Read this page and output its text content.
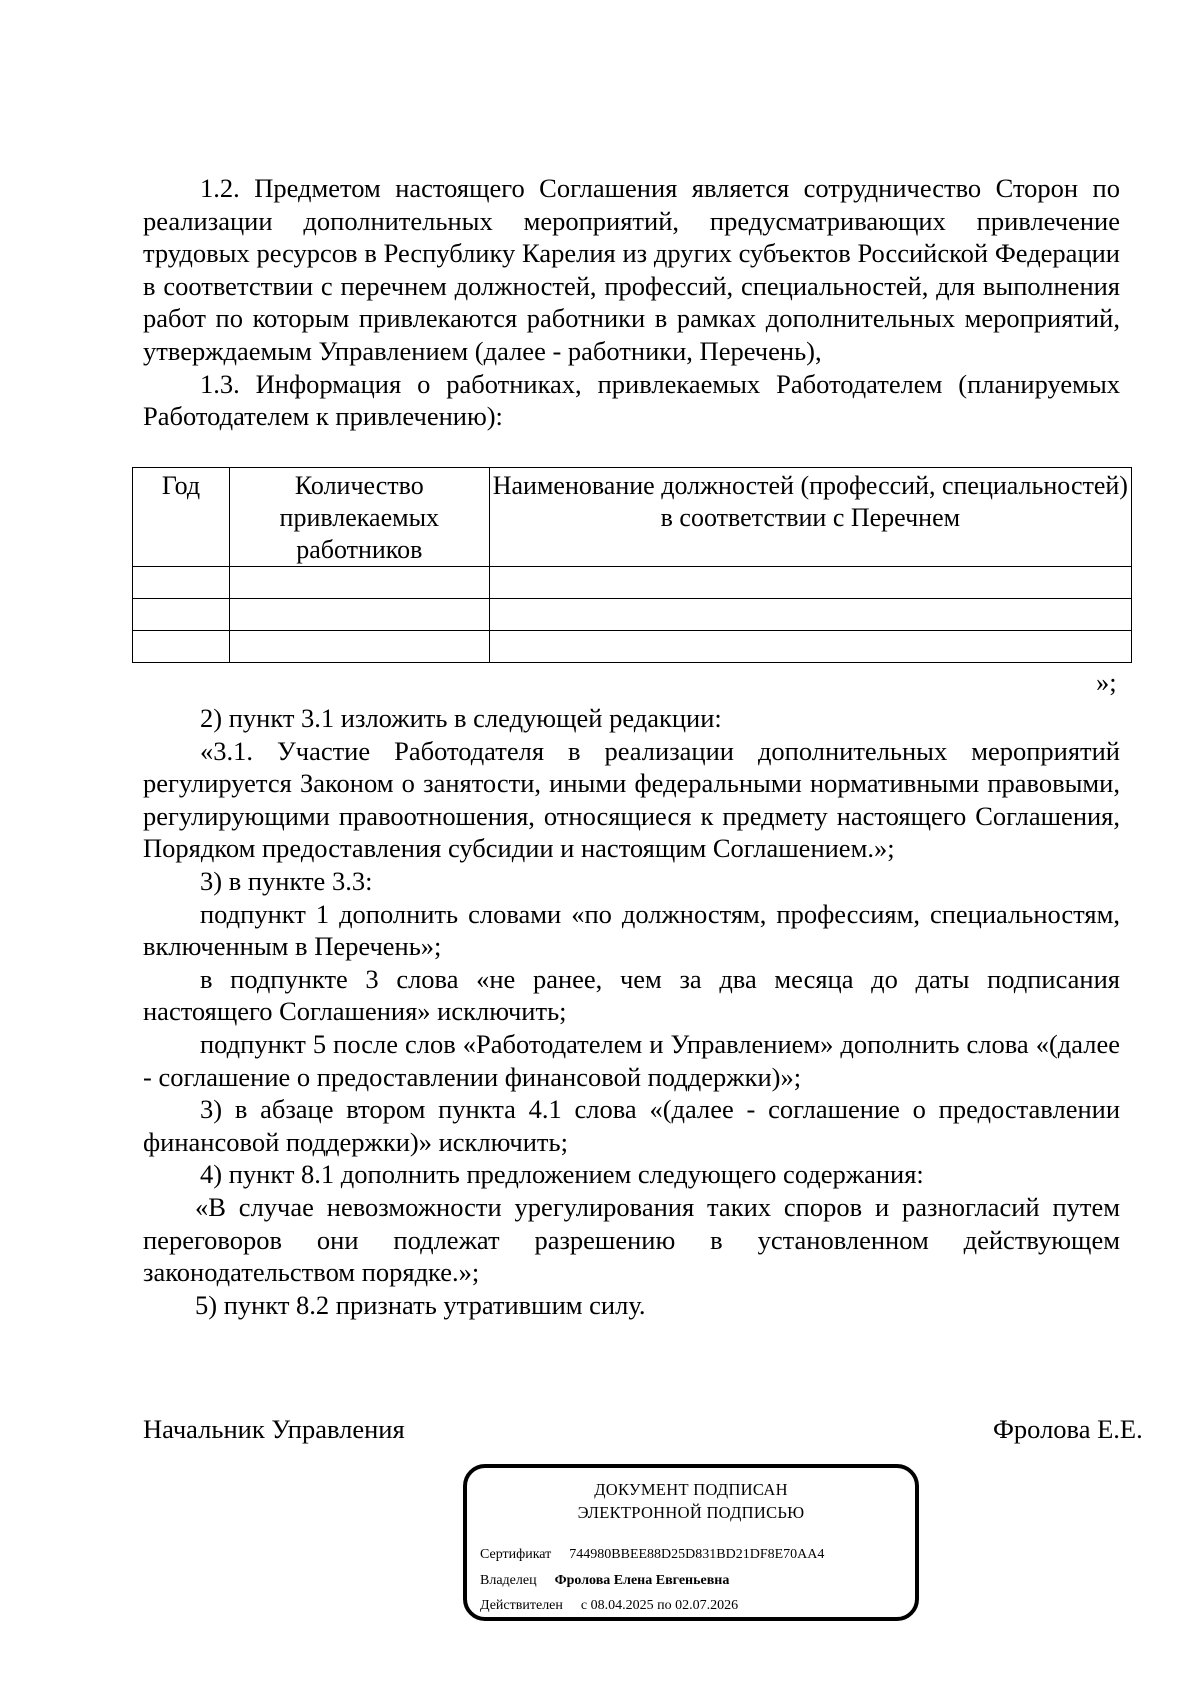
1.2. Предметом настоящего Соглашения является сотрудничество Сторон по реализации дополнительных мероприятий, предусматривающих привлечение трудовых ресурсов в Республику Карелия из других субъектов Российской Федерации в соответствии с перечнем должностей, профессий, специальностей, для выполнения работ по которым привлекаются работники в рамках дополнительных мероприятий, утверждаемым Управлением (далее - работники, Перечень),

1.3. Информация о работниках, привлекаемых Работодателем (планируемых Работодателем к привлечению):

Год	Количество привлекаемых работников	Наименование должностей (профессий, специальностей) в соответствии с Перечнем

»;

2) пункт 3.1 изложить в следующей редакции:

«3.1. Участие Работодателя в реализации дополнительных мероприятий регулируется Законом о занятости, иными федеральными нормативными правовыми, регулирующими правоотношения, относящиеся к предмету настоящего Соглашения, Порядком предоставления субсидии и настоящим Соглашением.»;

3) в пункте 3.3:

подпункт 1 дополнить словами «по должностям, профессиям, специальностям, включенным в Перечень»;

в подпункте 3 слова «не ранее, чем за два месяца до даты подписания настоящего Соглашения» исключить;

подпункт 5 после слов «Работодателем и Управлением» дополнить слова «(далее - соглашение о предоставлении финансовой поддержки)»;

3) в абзаце втором пункта 4.1 слова «(далее - соглашение о предоставлении финансовой поддержки)» исключить;

4) пункт 8.1 дополнить предложением следующего содержания:

«В случае невозможности урегулирования таких споров и разногласий путем переговоров они подлежат разрешению в установленном действующем законодательством порядке.»;

5) пункт 8.2 признать утратившим силу.

Начальник Управления	Фролова Е.Е.
ДОКУМЕНТ ПОДПИСАН
ЭЛЕКТРОННОЙ ПОДПИСЬЮ
Сертификат 744980BBEE88D25D831BD21DF8E70AA4
Владелец Фролова Елена Евгеньевна
Действителен с 08.04.2025 по 02.07.2026
